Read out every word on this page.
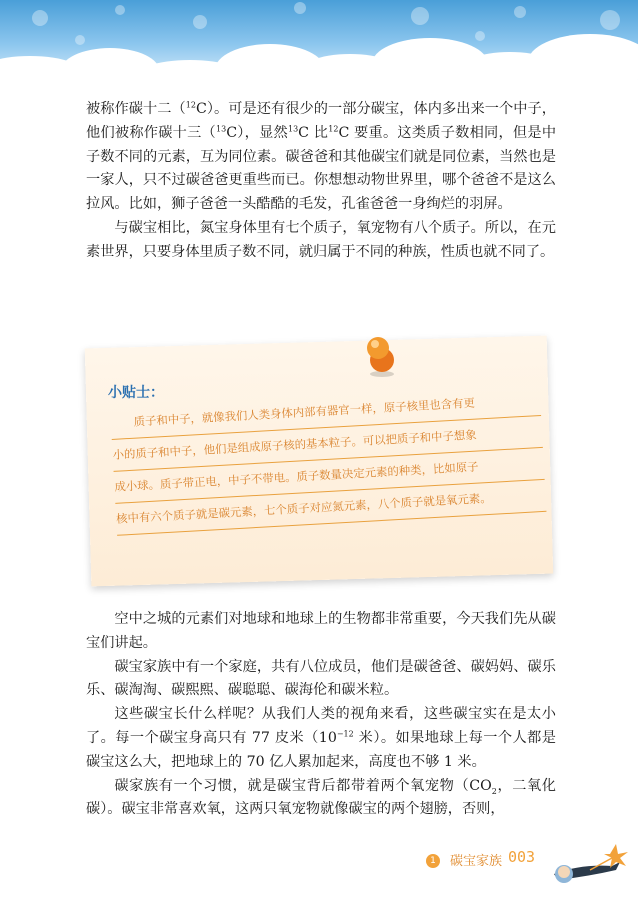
被称作碳十二（$^{12}$C）。可是还有很少的一部分碳宝，体内多出来一个中子，他们被称作碳十三（$^{13}$C），显然$^{13}$C 比$^{12}$C 要重。这类质子数相同，但是中子数不同的元素，互为同位素。碳爸爸和其他碳宝们就是同位素，当然也是一家人，只不过碳爸爸更重些而已。你想想动物世界里，哪个爸爸不是这么拉风。比如，狮子爸爸一头酷酷的毛发，孔雀爸爸一身绚烂的羽屏。

与碳宝相比，氮宝身体里有七个质子，氧宠物有八个质子。所以，在元素世界，只要身体里质子数不同，就归属于不同的种族，性质也就不同了。

小贴士：
质子和中子，就像我们人类身体内部有器官一样，原子核里也含有更
小的质子和中子，他们是组成原子核的基本粒子。可以把质子和中子想象
成小球。质子带正电，中子不带电。质子数量决定元素的种类，比如原子
核中有六个质子就是碳元素，七个质子对应氮元素，八个质子就是氧元素。

空中之城的元素们对地球和地球上的生物都非常重要，今天我们先从碳宝们讲起。

碳宝家族中有一个家庭，共有八位成员，他们是碳爸爸、碳妈妈、碳乐乐、碳淘淘、碳熙熙、碳聪聪、碳海伦和碳米粒。

这些碳宝长什么样呢？从我们人类的视角来看，这些碳宝实在是太小了。每一个碳宝身高只有 77 皮米（$10^{-12}$ 米）。如果地球上每一个人都是碳宝这么大，把地球上的 70 亿人累加起来，高度也不够 1 米。

碳家族有一个习惯，就是碳宝背后都带着两个氧宠物（$CO_2$，二氧化碳）。碳宝非常喜欢氧，这两只氧宠物就像碳宝的两个翅膀，否则，

1	碳宝家族 003
